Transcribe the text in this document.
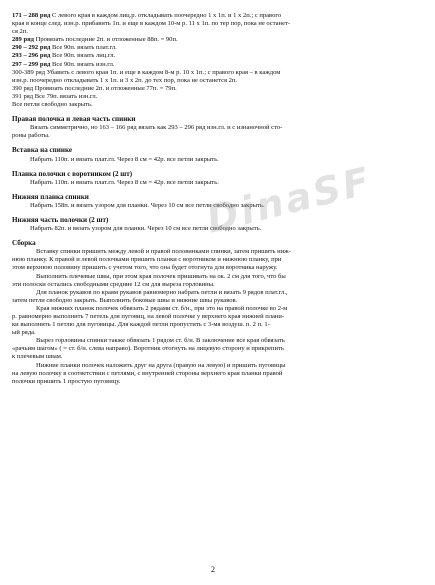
171 – 288 ряд С левого края в каждом лиц.р. откладывать поочередно 1 х 1п. и 1 х 2п.; с правого

края в конце след. изн.р. прибавить 1п. и еще в каждом 10-м р. 11 х 1п. по тер пор, пока не останет-

ся 2п.

289 ряд Провязать последние 2п. и отложенные 88п. = 90п.

290 – 292 ряд Все 90п. вязать плат.гл.

293 – 296 ряд Все 90п. вязать лиц.гл.

297 – 299 ряд Все 90п. вязать изн.гл.

300-389 ряд Убавить с левого края 1п. и еще в каждом 8-м р. 10 х 1п.; с правого края – в каждом

изн.р. поочередно откладывать 1 х 1п. и 3 х 2п. до тех пор, пока не останется 2п.

390 ряд Провязать последние 2п. и отложенные 77п. = 79п.

391 ряд Все 79п. вязать изн.гл.

Все петли свободно закрыть.

Правая полочка и левая часть спинки

Вязать симметрично, но 163 – 166 ряд вязать как 293 – 296 ряд изн.гл. и с изнаночной сто-

роны работы.

Вставка на спинке

Набрать 110п. и вязать плат.гл. Через 8 см = 42р. все петли закрыть.

Планка полочки с воротником (2 шт)

Набрать 110п. и вязать плат.гл. Через 8 см = 42р. все петли закрыть.

Нижняя планка спинки

Набрать 158п. и вязать узором для планки. Через 10 см все петли свободно закрыть.

Нижняя часть полочки (2 шт)

Набрать 82п. и вязать узором для планки. Через 10 см все петли свободно закрыть.

Сборка

Вставку спинки пришить между левой и правой половинками спинки, затем пришить ниж-

нюю планку. К правой и левой полочками пришить планки с воротником и нижнюю планку, при

этом верхнюю половину пришить с учетом того, что она будет отогнута для воротника наружу.

Выполнить плечевые швы, при этом края полочек пришивать на ок. 2 см для того, что бы

эти полоски остались свободными средние 12 см для выреза горловины.

Для планок рукавов по краям рукавов равномерно набрать петли и вязать 9 рядов плат.гл.,

затем петли свободно закрыть. Выполнить боковые швы и нижние швы рукавов.

Края нижних планок полочек обвязать 2 рядами ст. б/н., при это на правой полочке во 2-м

р. равномерно выполнить 7 петель для пуговиц, на левой полочке у верхнего края нижней плани-

ки выполнить 1 петлю для пуговицы. Для каждой петли пропустить с 3-мя воздуш. п. 2 п. 1-

ый ряда.

Вырез горловины спинки также обвязать 1 рядом ст. б/н. В заключение все края обвязать

«рачьим шагом» ( = ст. б/н. слева направо). Воротник отогнуть на лицевую сторону и прикрепить

к плечевым швам.

Нижние планки полочек наложить друг на друга (правую на левую) и пришить пуговицы

на левую полочку в соответствии с петлями, с внутренней стороны верхнего края планки правой

полочки пришить 1 простую пуговицу.

DinaSF
2
